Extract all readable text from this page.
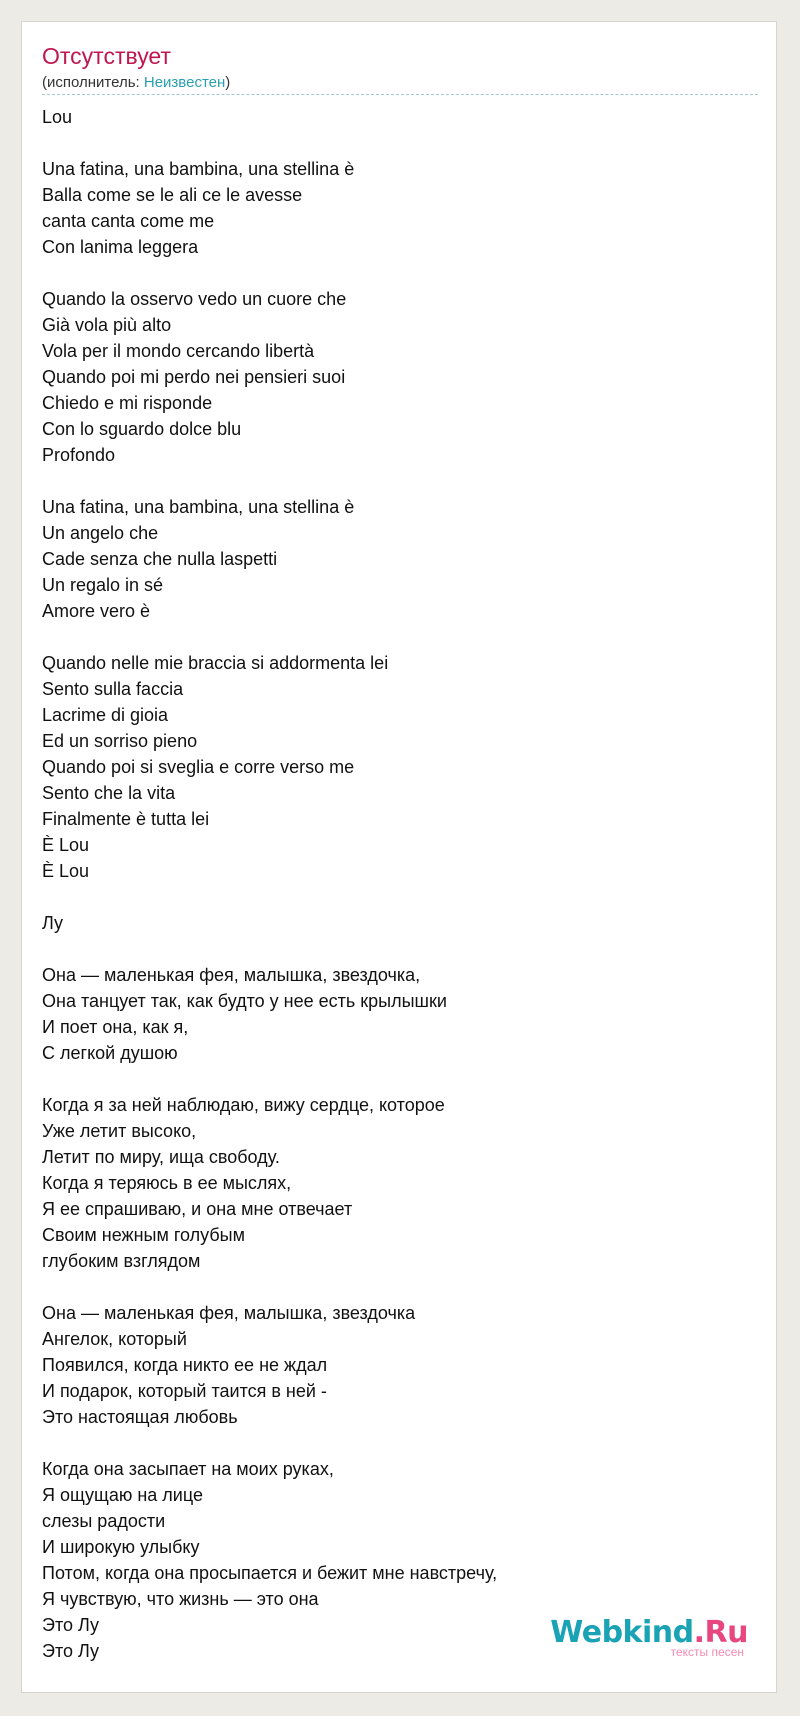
Отсутствует
(исполнитель: Неизвестен)
Lou
Una fatina, una bambina, una stellina è
Balla come se le ali ce le avesse
canta canta come me
Con lanima leggera
Quando la osservo vedo un cuore che
Già vola più alto
Vola per il mondo cercando libertà
Quando poi mi perdo nei pensieri suoi
Chiedo e mi risponde
Con lo sguardo dolce blu
Profondo
Una fatina, una bambina, una stellina è
Un angelo che
Cade senza che nulla laspetti
Un regalo in sé
Amore vero è
Quando nelle mie braccia si addormenta lei
Sento sulla faccia
Lacrime di gioia
Ed un sorriso pieno
Quando poi si sveglia e corre verso me
Sento che la vita
Finalmente è tutta lei
È Lou
È Lou
Лу
Она — маленькая фея, малышка, звездочка,
Она танцует так, как будто у нее есть крылышки
И поет она, как я,
С легкой душою
Когда я за ней наблюдаю, вижу сердце, которое
Уже летит высоко,
Летит по миру, ища свободу.
Когда я теряюсь в ее мыслях,
Я ее спрашиваю, и она мне отвечает
Своим нежным голубым
глубоким взглядом
Она — маленькая фея, малышка, звездочка
Ангелок, который
Появился, когда никто ее не ждал
И подарок, который таится в ней -
Это настоящая любовь
Когда она засыпает на моих руках,
Я ощущаю на лице
слезы радости
И широкую улыбку
Потом, когда она просыпается и бежит мне навстречу,
Я чувствую, что жизнь — это она
Это Лу
Это Лу
Webkind.Ru
тексты песен
